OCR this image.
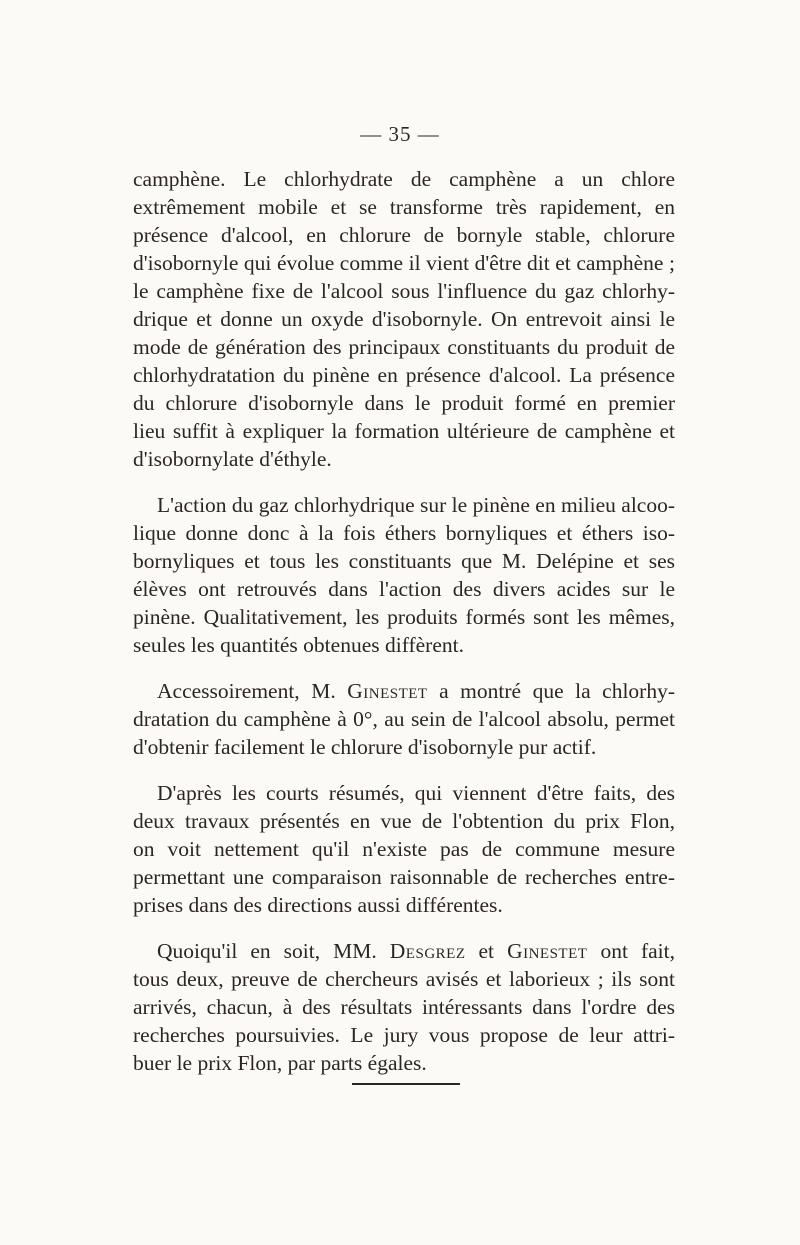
— 35 —
camphène. Le chlorhydrate de camphène a un chlore
extrêmement mobile et se transforme très rapidement, en
présence d'alcool, en chlorure de bornyle stable, chlorure
d'isobornyle qui évolue comme il vient d'être dit et camphène ;
le camphène fixe de l'alcool sous l'influence du gaz chlorhy-
drique et donne un oxyde d'isobornyle. On entrevoit ainsi le
mode de génération des principaux constituants du produit de
chlorhydratation du pinène en présence d'alcool. La présence
du chlorure d'isobornyle dans le produit formé en premier
lieu suffit à expliquer la formation ultérieure de camphène et
d'isobornylate d'éthyle.
L'action du gaz chlorhydrique sur le pinène en milieu alcoo-
lique donne donc à la fois éthers bornyliques et éthers iso-
bornyliques et tous les constituants que M. Delépine et ses
élèves ont retrouvés dans l'action des divers acides sur le
pinène. Qualitativement, les produits formés sont les mêmes,
seules les quantités obtenues diffèrent.
Accessoirement, M. Ginestet a montré que la chlorhy-
dratation du camphène à 0°, au sein de l'alcool absolu, permet
d'obtenir facilement le chlorure d'isobornyle pur actif.
D'après les courts résumés, qui viennent d'être faits, des
deux travaux présentés en vue de l'obtention du prix Flon,
on voit nettement qu'il n'existe pas de commune mesure
permettant une comparaison raisonnable de recherches entre-
prises dans des directions aussi différentes.
Quoiqu'il en soit, MM. Desgrez et Ginestet ont fait,
tous deux, preuve de chercheurs avisés et laborieux ; ils sont
arrivés, chacun, à des résultats intéressants dans l'ordre des
recherches poursuivies. Le jury vous propose de leur attri-
buer le prix Flon, par parts égales.
